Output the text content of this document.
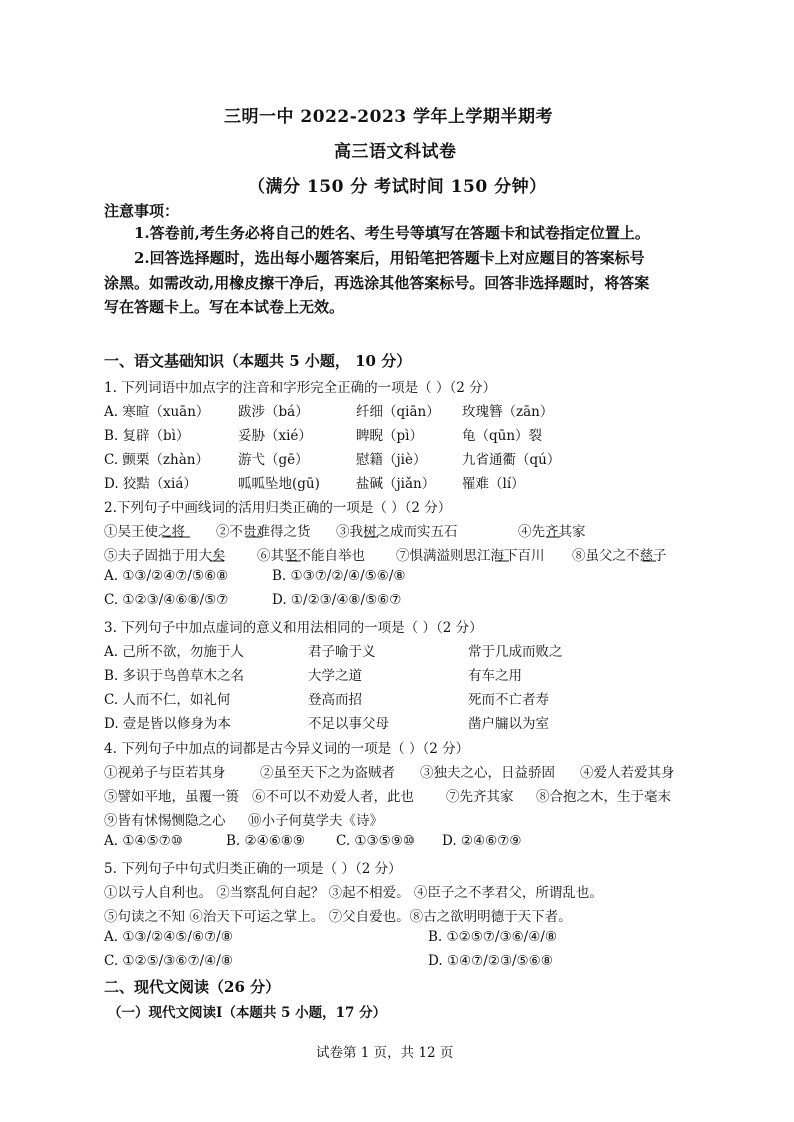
三明一中 2022-2023 学年上学期半期考
高三语文科试卷
（满分 150 分 考试时间 150 分钟）
注意事项：
1.答卷前,考生务必将自己的姓名、考生号等填写在答题卡和试卷指定位置上。
2.回答选择题时，选出每小题答案后，用铅笔把答题卡上对应题目的答案标号
涂黑。如需改动,用橡皮擦干净后，再选涂其他答案标号。回答非选择题时，将答案
写在答题卡上。写在本试卷上无效。
一、语文基础知识（本题共 5 小题， 10 分）
1. 下列词语中加点字的注音和字形完全正确的一项是（ ）（2 分）
A. 寒暄（xuān） 跋涉（bá）	纤细（qiān） 玫瑰簪（zān）
B. 复辟（bì）	妥胁（xié）	睥睨（pì）	龟（qūn）裂
C. 颤栗（zhàn） 游弋（gē）	慰籍（jiè）	九省通衢（qú）
D. 狡黠（xiá）	呱呱坠地(gū)	盐碱（jiǎn） 罹难（lí）
2.下列句子中画线词的活用归类正确的一项是（ ）（2 分）
①吴王使之将 ②不贵难得之货 ③我树之成而实五石	④先齐其家
⑤夫子固拙于用大矣 ⑥其坚不能自举也 ⑦惧满溢则思江海下百川 ⑧虽父之不慈子
A. ①③/②④⑦/⑤⑥⑧	B. ①③⑦/②/④/⑤⑥/⑧
C. ①②③/④⑥⑧/⑤⑦	D. ①/②③/④⑧/⑤⑥⑦
3. 下列句子中加点虚词的意义和用法相同的一项是（ ）（2 分）
A. 己所不欲，勿施于人	君子喻于义	常于几成而败之
B. 多识于鸟兽草木之名	大学之道	有车之用
C. 人而不仁，如礼何	登高而招	死而不亡者寿
D. 壹是皆以修身为本	不足以事父母	凿户牖以为室
4. 下列句子中加点的词都是古今异义词的一项是（ ）（2 分）
①视弟子与臣若其身	②虽至天下之为盗贼者 ③独夫之心，日益骄固 ④爱人若爱其身
⑤譬如平地，虽覆一篑 ⑥不可以不劝爱人者，此也 ⑦先齐其家 ⑧合抱之木，生于毫末
⑨皆有怵惕恻隐之心 ⑩小子何莫学夫《诗》
A. ①④⑤⑦⑩	B. ②④⑥⑧⑨ C. ①③⑤⑨⑩ D. ②④⑥⑦⑨
5. 下列句子中句式归类正确的一项是（ ）（2 分）
①以亏人自利也。 ②当察乱何自起？ ③起不相爱。 ④臣子之不孝君父，所谓乱也。
⑤句读之不知 ⑥治天下可运之掌上。 ⑦父自爱也。⑧古之欲明明德于天下者。
A. ①③/②④⑤/⑥⑦/⑧	B. ①②⑤⑦/③⑥/④/⑧
C. ①②⑤/③⑥⑦/④/⑧	D. ①④⑦/②③/⑤⑥⑧
二、现代文阅读（26 分）
（一）现代文阅读Ⅰ（本题共 5 小题，17 分）
试卷第 1 页，共 12 页
